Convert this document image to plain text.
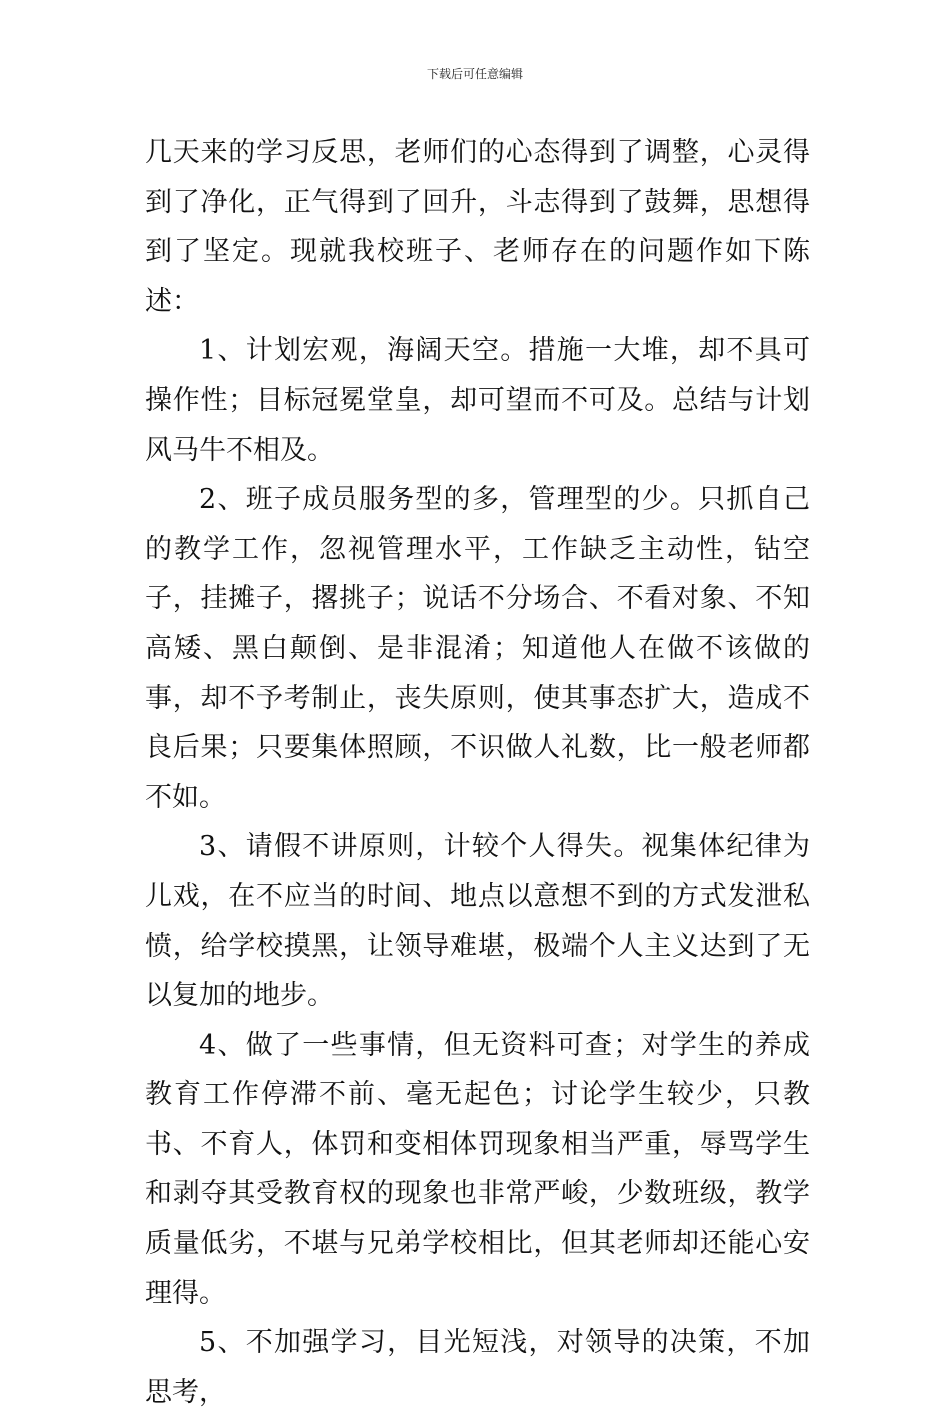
下载后可任意编辑

几天来的学习反思，老师们的心态得到了调整，心灵得到了净化，正气得到了回升，斗志得到了鼓舞，思想得到了坚定。现就我校班子、老师存在的问题作如下陈述：

1、计划宏观，海阔天空。措施一大堆，却不具可操作性；目标冠冕堂皇，却可望而不可及。总结与计划风马牛不相及。

2、班子成员服务型的多，管理型的少。只抓自己的教学工作，忽视管理水平，工作缺乏主动性，钻空子，挂摊子，撂挑子；说话不分场合、不看对象、不知高矮、黑白颠倒、是非混淆；知道他人在做不该做的事，却不予考制止，丧失原则，使其事态扩大，造成不良后果；只要集体照顾，不识做人礼数，比一般老师都不如。

3、请假不讲原则，计较个人得失。视集体纪律为儿戏，在不应当的时间、地点以意想不到的方式发泄私愤，给学校摸黑，让领导难堪，极端个人主义达到了无以复加的地步。

4、做了一些事情，但无资料可查；对学生的养成教育工作停滞不前、毫无起色；讨论学生较少，只教书、不育人，体罚和变相体罚现象相当严重，辱骂学生和剥夺其受教育权的现象也非常严峻，少数班级，教学质量低劣，不堪与兄弟学校相比，但其老师却还能心安理得。

5、不加强学习，目光短浅，对领导的决策，不加思考，
